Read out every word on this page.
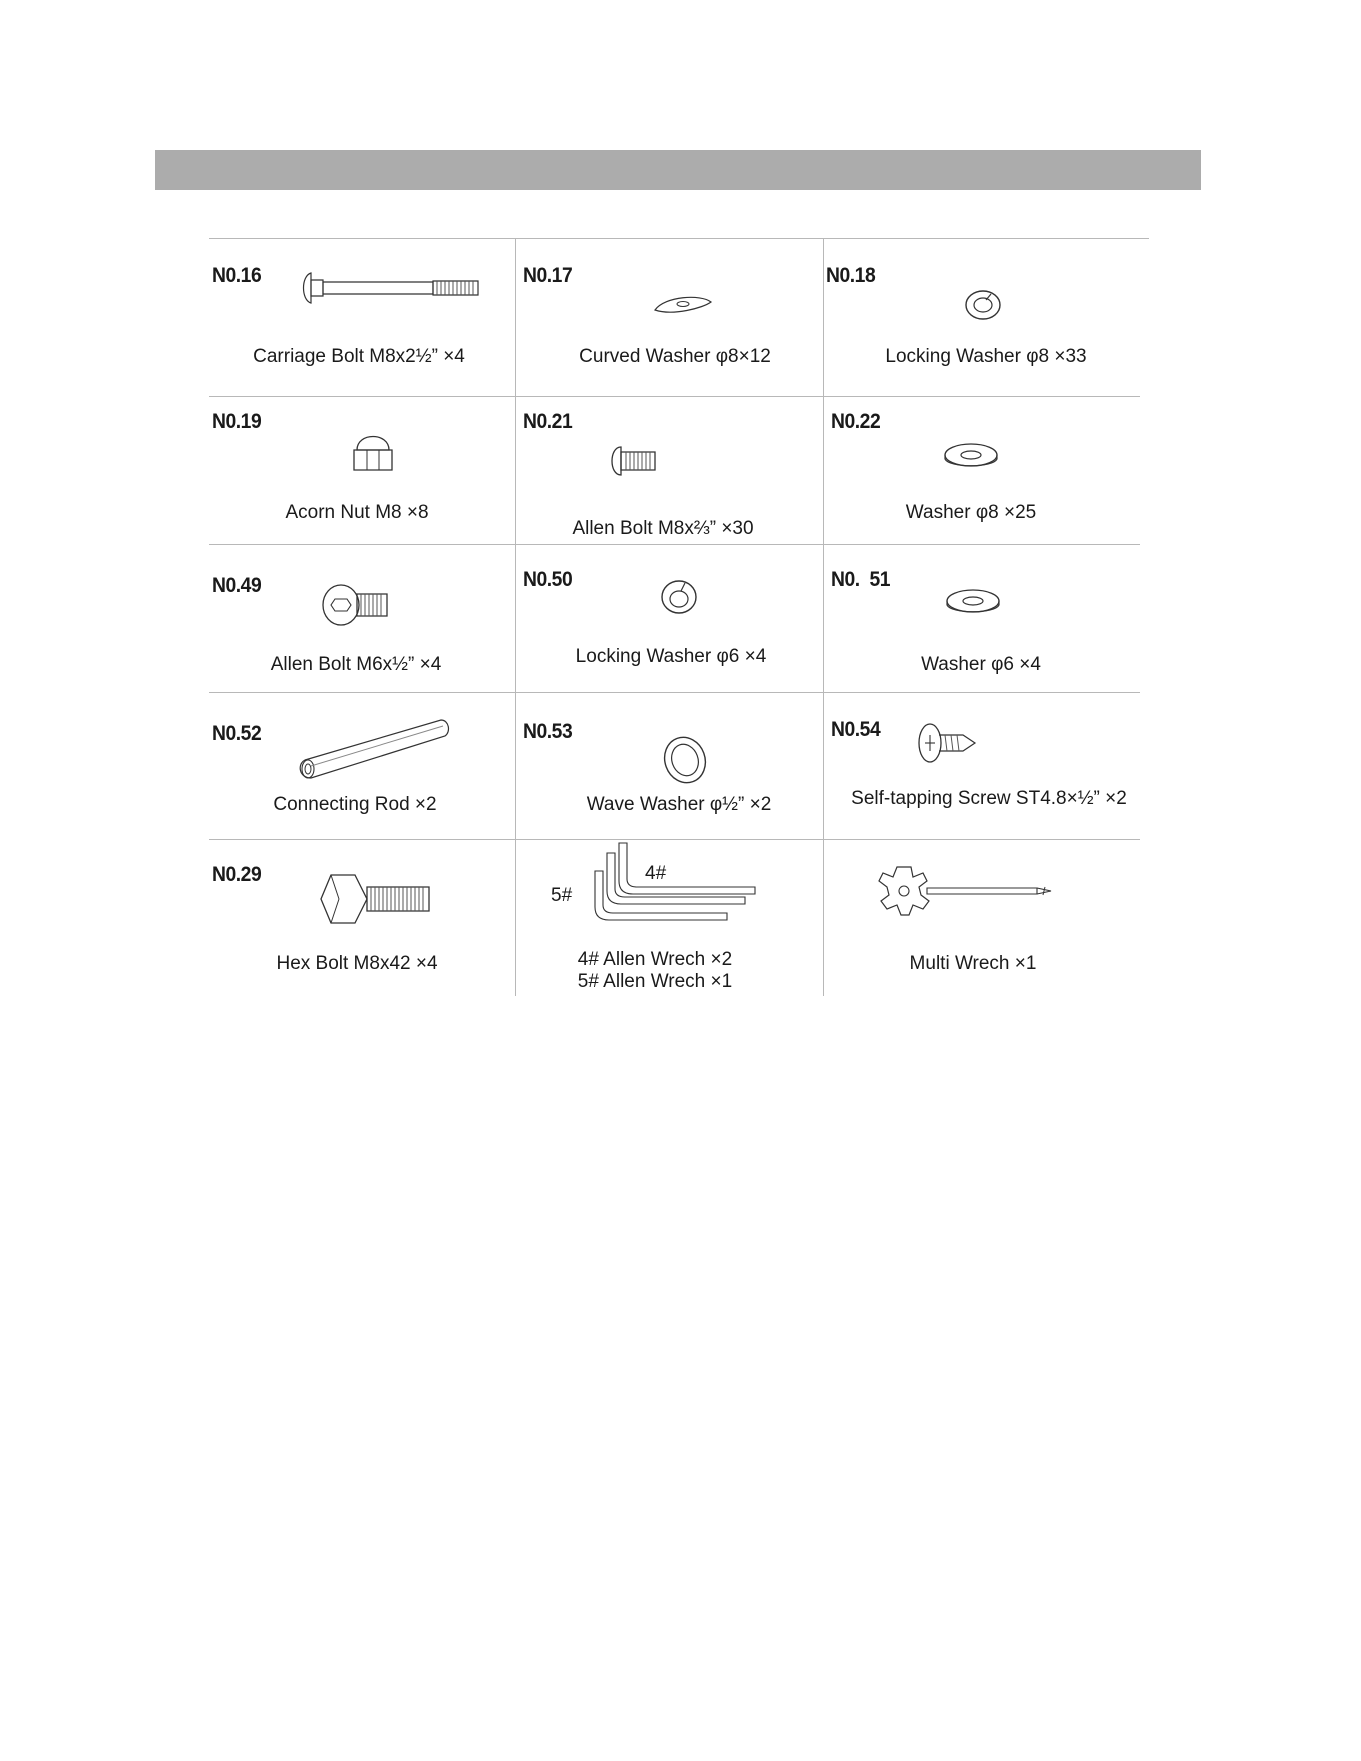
N0.16
Carriage Bolt M8x2½” ×4
N0.17
Curved Washer φ8×12
N0.18
Locking Washer φ8 ×33
N0.19
Acorn Nut M8 ×8
N0.21
Allen Bolt M8x⅔” ×30
N0.22
Washer φ8 ×25
N0.49
Allen Bolt M6x½” ×4
N0.50
Locking Washer φ6 ×4
N0.  51
Washer φ6 ×4
N0.52
Connecting Rod ×2
N0.53
Wave Washer φ½” ×2
N0.54
Self-tapping Screw ST4.8×½” ×2
N0.29
Hex Bolt M8x42 ×4
4#
5#
4# Allen Wrech ×2
5# Allen Wrech ×1
Multi Wrech ×1
